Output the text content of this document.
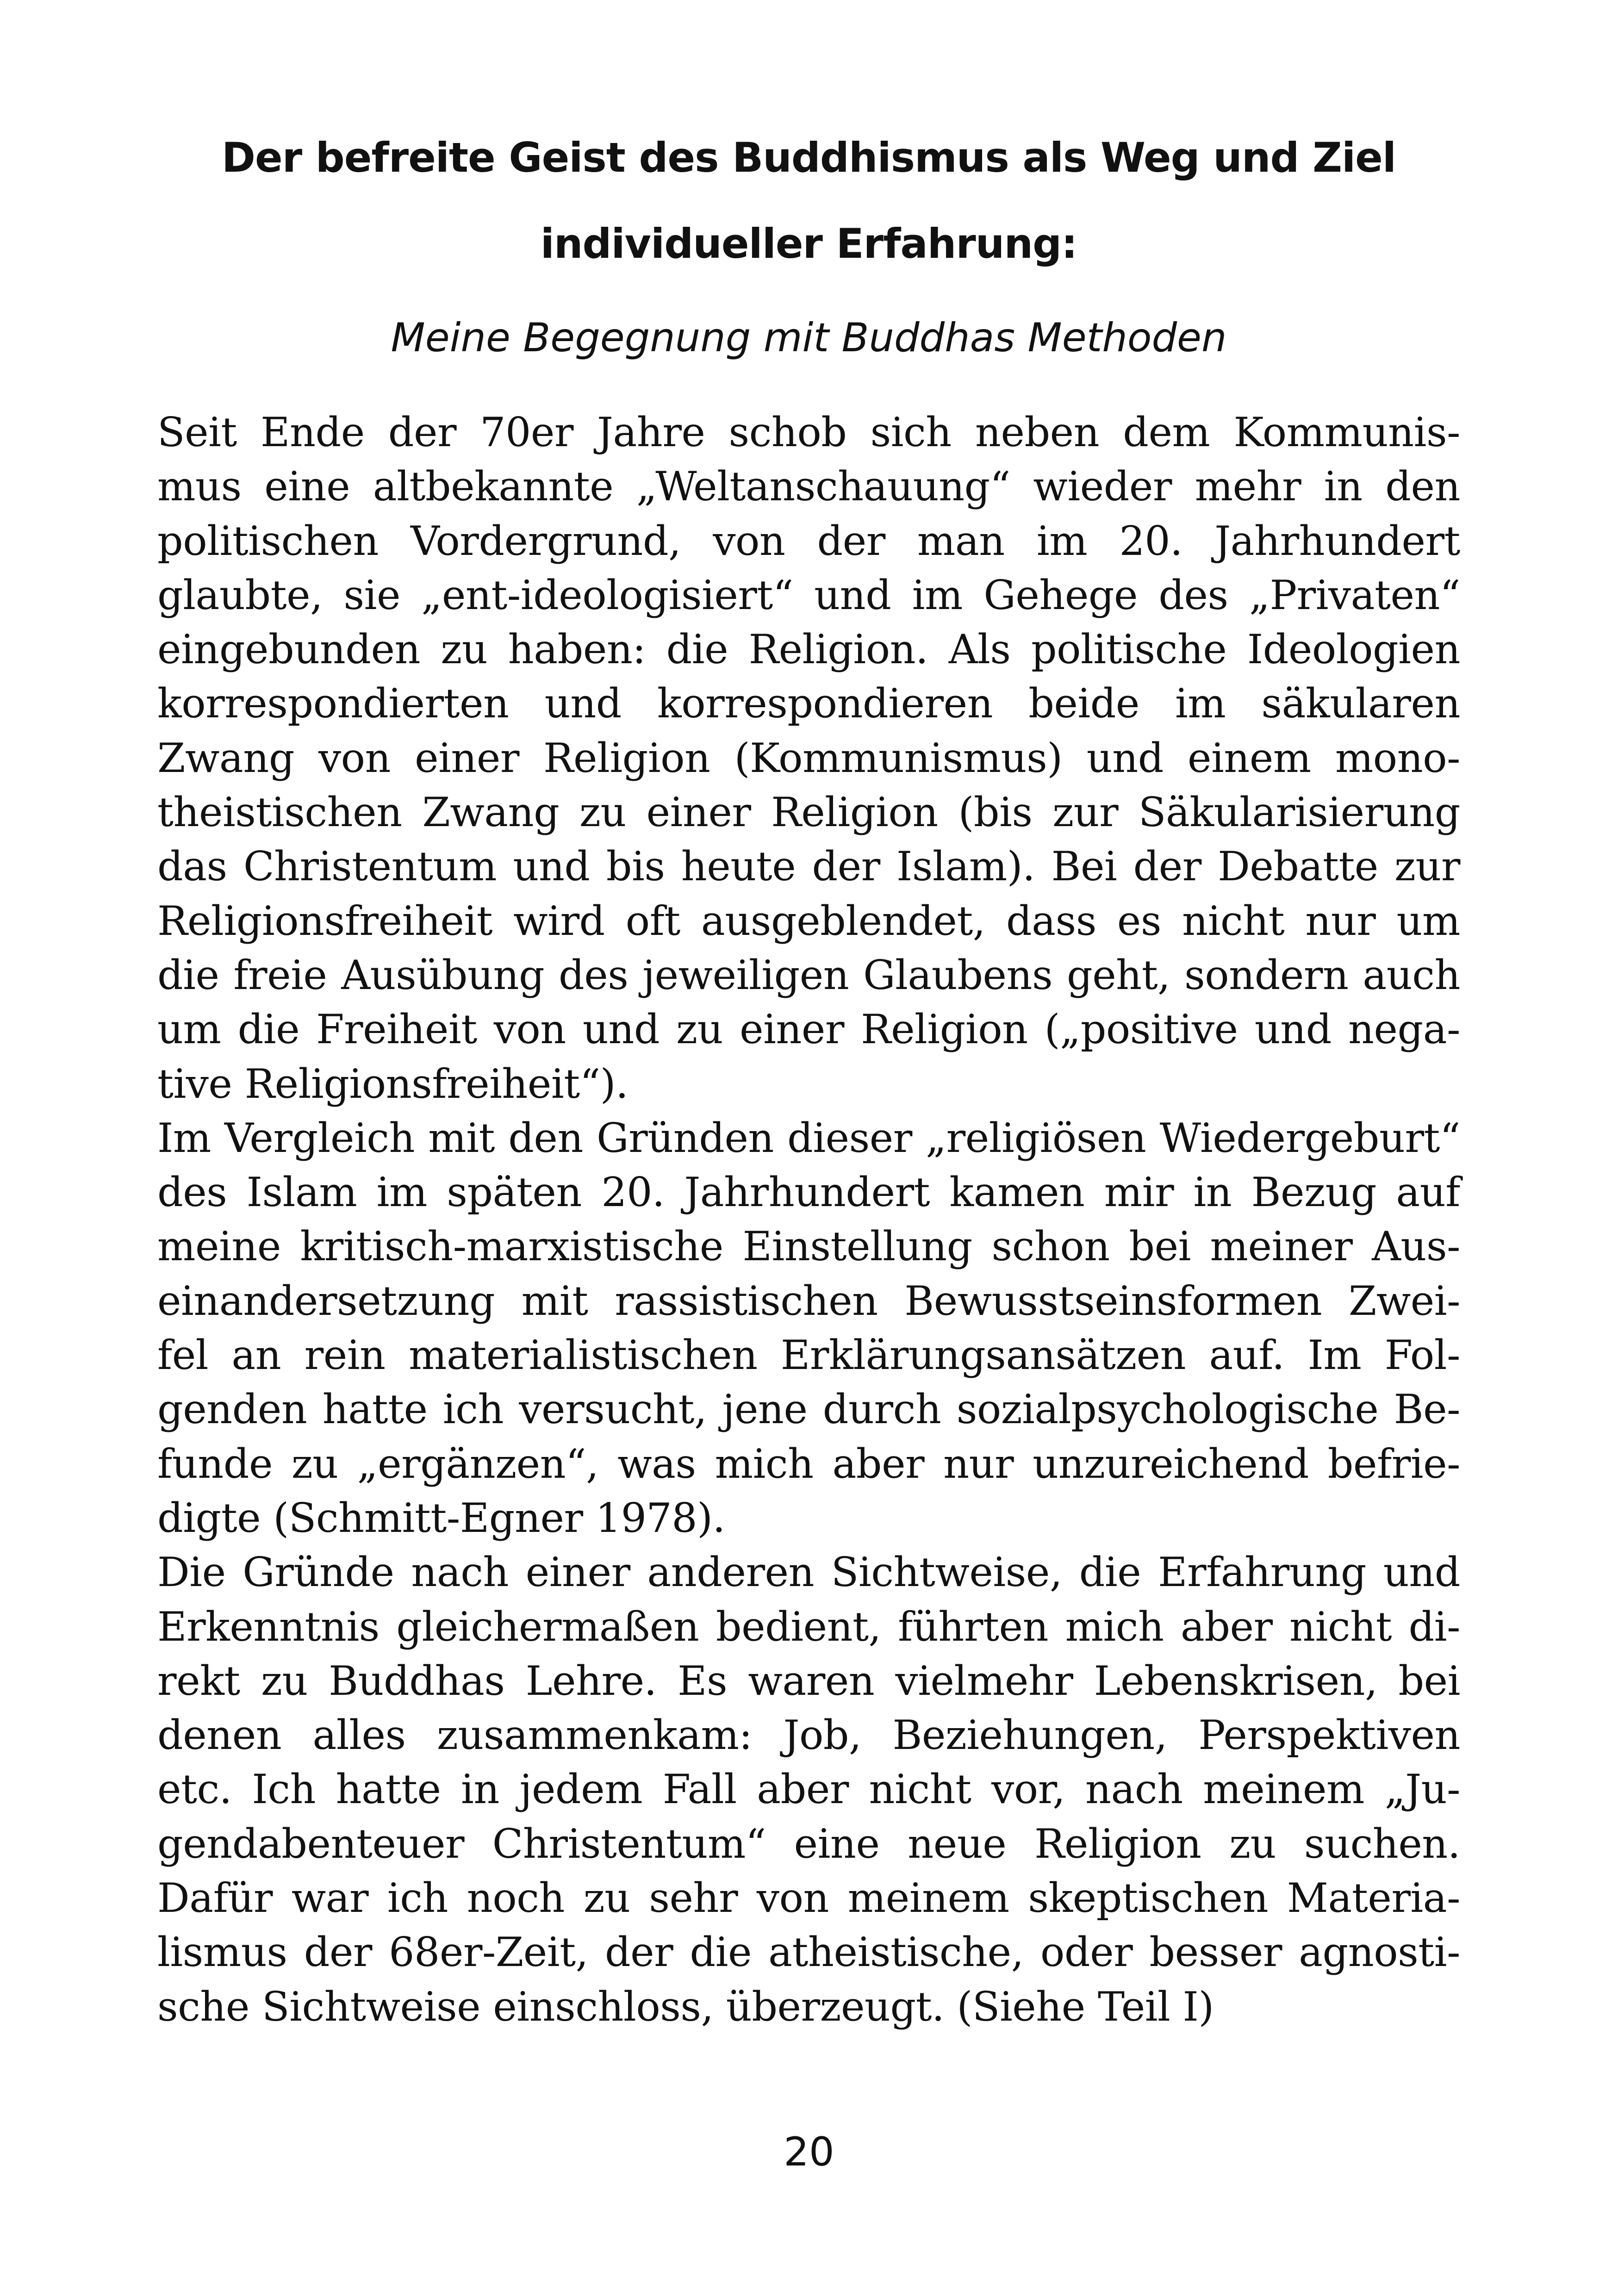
Der befreite Geist des Buddhismus als Weg und Ziel
individueller Erfahrung:
Meine Begegnung mit Buddhas Methoden
Seit Ende der 70er Jahre schob sich neben dem Kommunis-
mus eine altbekannte „Weltanschauung“ wieder mehr in den
politischen Vordergrund, von der man im 20. Jahrhundert
glaubte, sie „ent-ideologisiert“ und im Gehege des „Privaten“
eingebunden zu haben: die Religion. Als politische Ideologien
korrespondierten und korrespondieren beide im säkularen
Zwang von einer Religion (Kommunismus) und einem mono-
theistischen Zwang zu einer Religion (bis zur Säkularisierung
das Christentum und bis heute der Islam). Bei der Debatte zur
Religionsfreiheit wird oft ausgeblendet, dass es nicht nur um
die freie Ausübung des jeweiligen Glaubens geht, sondern auch
um die Freiheit von und zu einer Religion („positive und nega-
tive Religionsfreiheit“).
Im Vergleich mit den Gründen dieser „religiösen Wiedergeburt“
des Islam im späten 20. Jahrhundert kamen mir in Bezug auf
meine kritisch-marxistische Einstellung schon bei meiner Aus-
einandersetzung mit rassistischen Bewusstseinsformen Zwei-
fel an rein materialistischen Erklärungsansätzen auf. Im Fol-
genden hatte ich versucht, jene durch sozialpsychologische Be-
funde zu „ergänzen“, was mich aber nur unzureichend befrie-
digte (Schmitt-Egner 1978).
Die Gründe nach einer anderen Sichtweise, die Erfahrung und
Erkenntnis gleichermaßen bedient, führten mich aber nicht di-
rekt zu Buddhas Lehre. Es waren vielmehr Lebenskrisen, bei
denen alles zusammenkam: Job, Beziehungen, Perspektiven
etc. Ich hatte in jedem Fall aber nicht vor, nach meinem „Ju-
gendabenteuer Christentum“ eine neue Religion zu suchen.
Dafür war ich noch zu sehr von meinem skeptischen Materia-
lismus der 68er-Zeit, der die atheistische, oder besser agnosti-
sche Sichtweise einschloss, überzeugt. (Siehe Teil I)
20
